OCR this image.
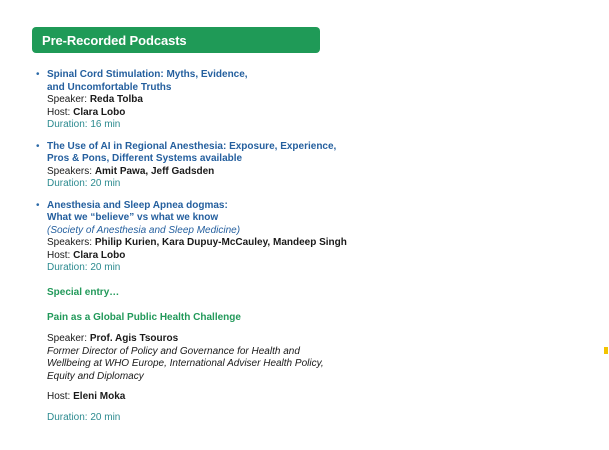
Pre-Recorded Podcasts
• Spinal Cord Stimulation: Myths, Evidence,
and Uncomfortable Truths
Speaker: Reda Tolba
Host: Clara Lobo
Duration: 16 min
• The Use of AI in Regional Anesthesia: Exposure, Experience,
Pros & Pons, Different Systems available
Speakers: Amit Pawa, Jeff Gadsden
Duration: 20 min
• Anesthesia and Sleep Apnea dogmas:
What we “believe” vs what we know
(Society of Anesthesia and Sleep Medicine)
Speakers: Philip Kurien, Kara Dupuy-McCauley, Mandeep Singh
Host: Clara Lobo
Duration: 20 min
Special entry…
Pain as a Global Public Health Challenge
Speaker: Prof. Agis Tsouros
Former Director of Policy and Governance for Health and Wellbeing at WHO Europe, International Adviser Health Policy, Equity and Diplomacy
Host: Eleni Moka
Duration: 20 min
